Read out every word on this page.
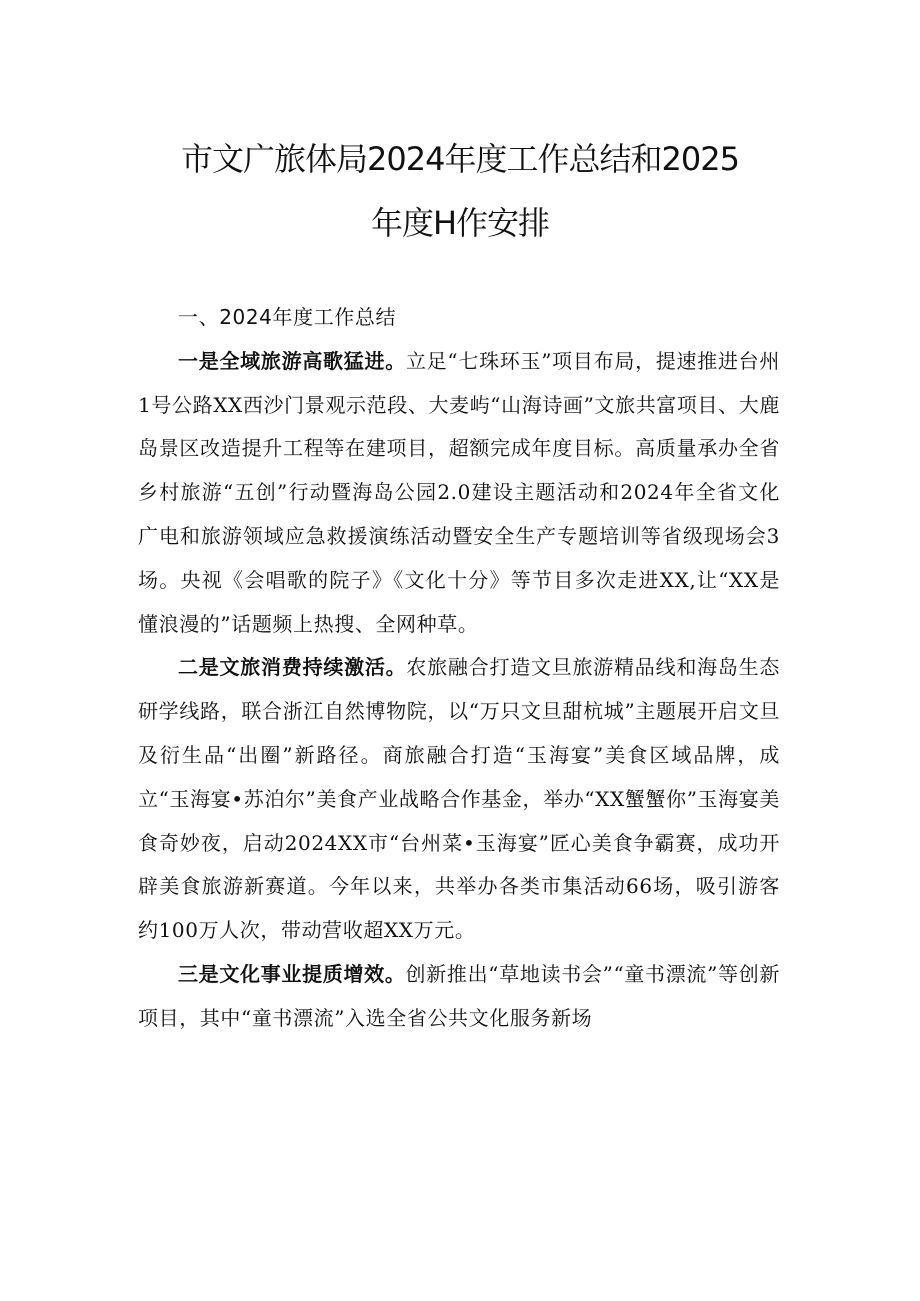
市文广旅体局2024年度工作总结和2025
年度H作安排

一、2024年度工作总结

一是全域旅游高歌猛进。立足“七珠环玉”项目布局，提速推进台州1号公路XX西沙门景观示范段、大麦屿“山海诗画”文旅共富项目、大鹿岛景区改造提升工程等在建项目，超额完成年度目标。高质量承办全省乡村旅游“五创”行动暨海岛公园2.0建设主题活动和2024年全省文化广电和旅游领域应急救援演练活动暨安全生产专题培训等省级现场会3场。央视《会唱歌的院子》《文化十分》等节目多次走进XX,让“XX是懂浪漫的”话题频上热搜、全网种草。

二是文旅消费持续激活。农旅融合打造文旦旅游精品线和海岛生态研学线路，联合浙江自然博物院，以“万只文旦甜杭城”主题展开启文旦及衍生品“出圈”新路径。商旅融合打造“玉海宴”美食区域品牌，成立“玉海宴•苏泊尔”美食产业战略合作基金，举办“XX蟹蟹你”玉海宴美食奇妙夜，启动2024XX市“台州菜•玉海宴”匠心美食争霸赛，成功开辟美食旅游新赛道。今年以来，共举办各类市集活动66场，吸引游客约100万人次，带动营收超XX万元。

三是文化事业提质增效。创新推出“草地读书会”“童书漂流”等创新项目，其中“童书漂流”入选全省公共文化服务新场
